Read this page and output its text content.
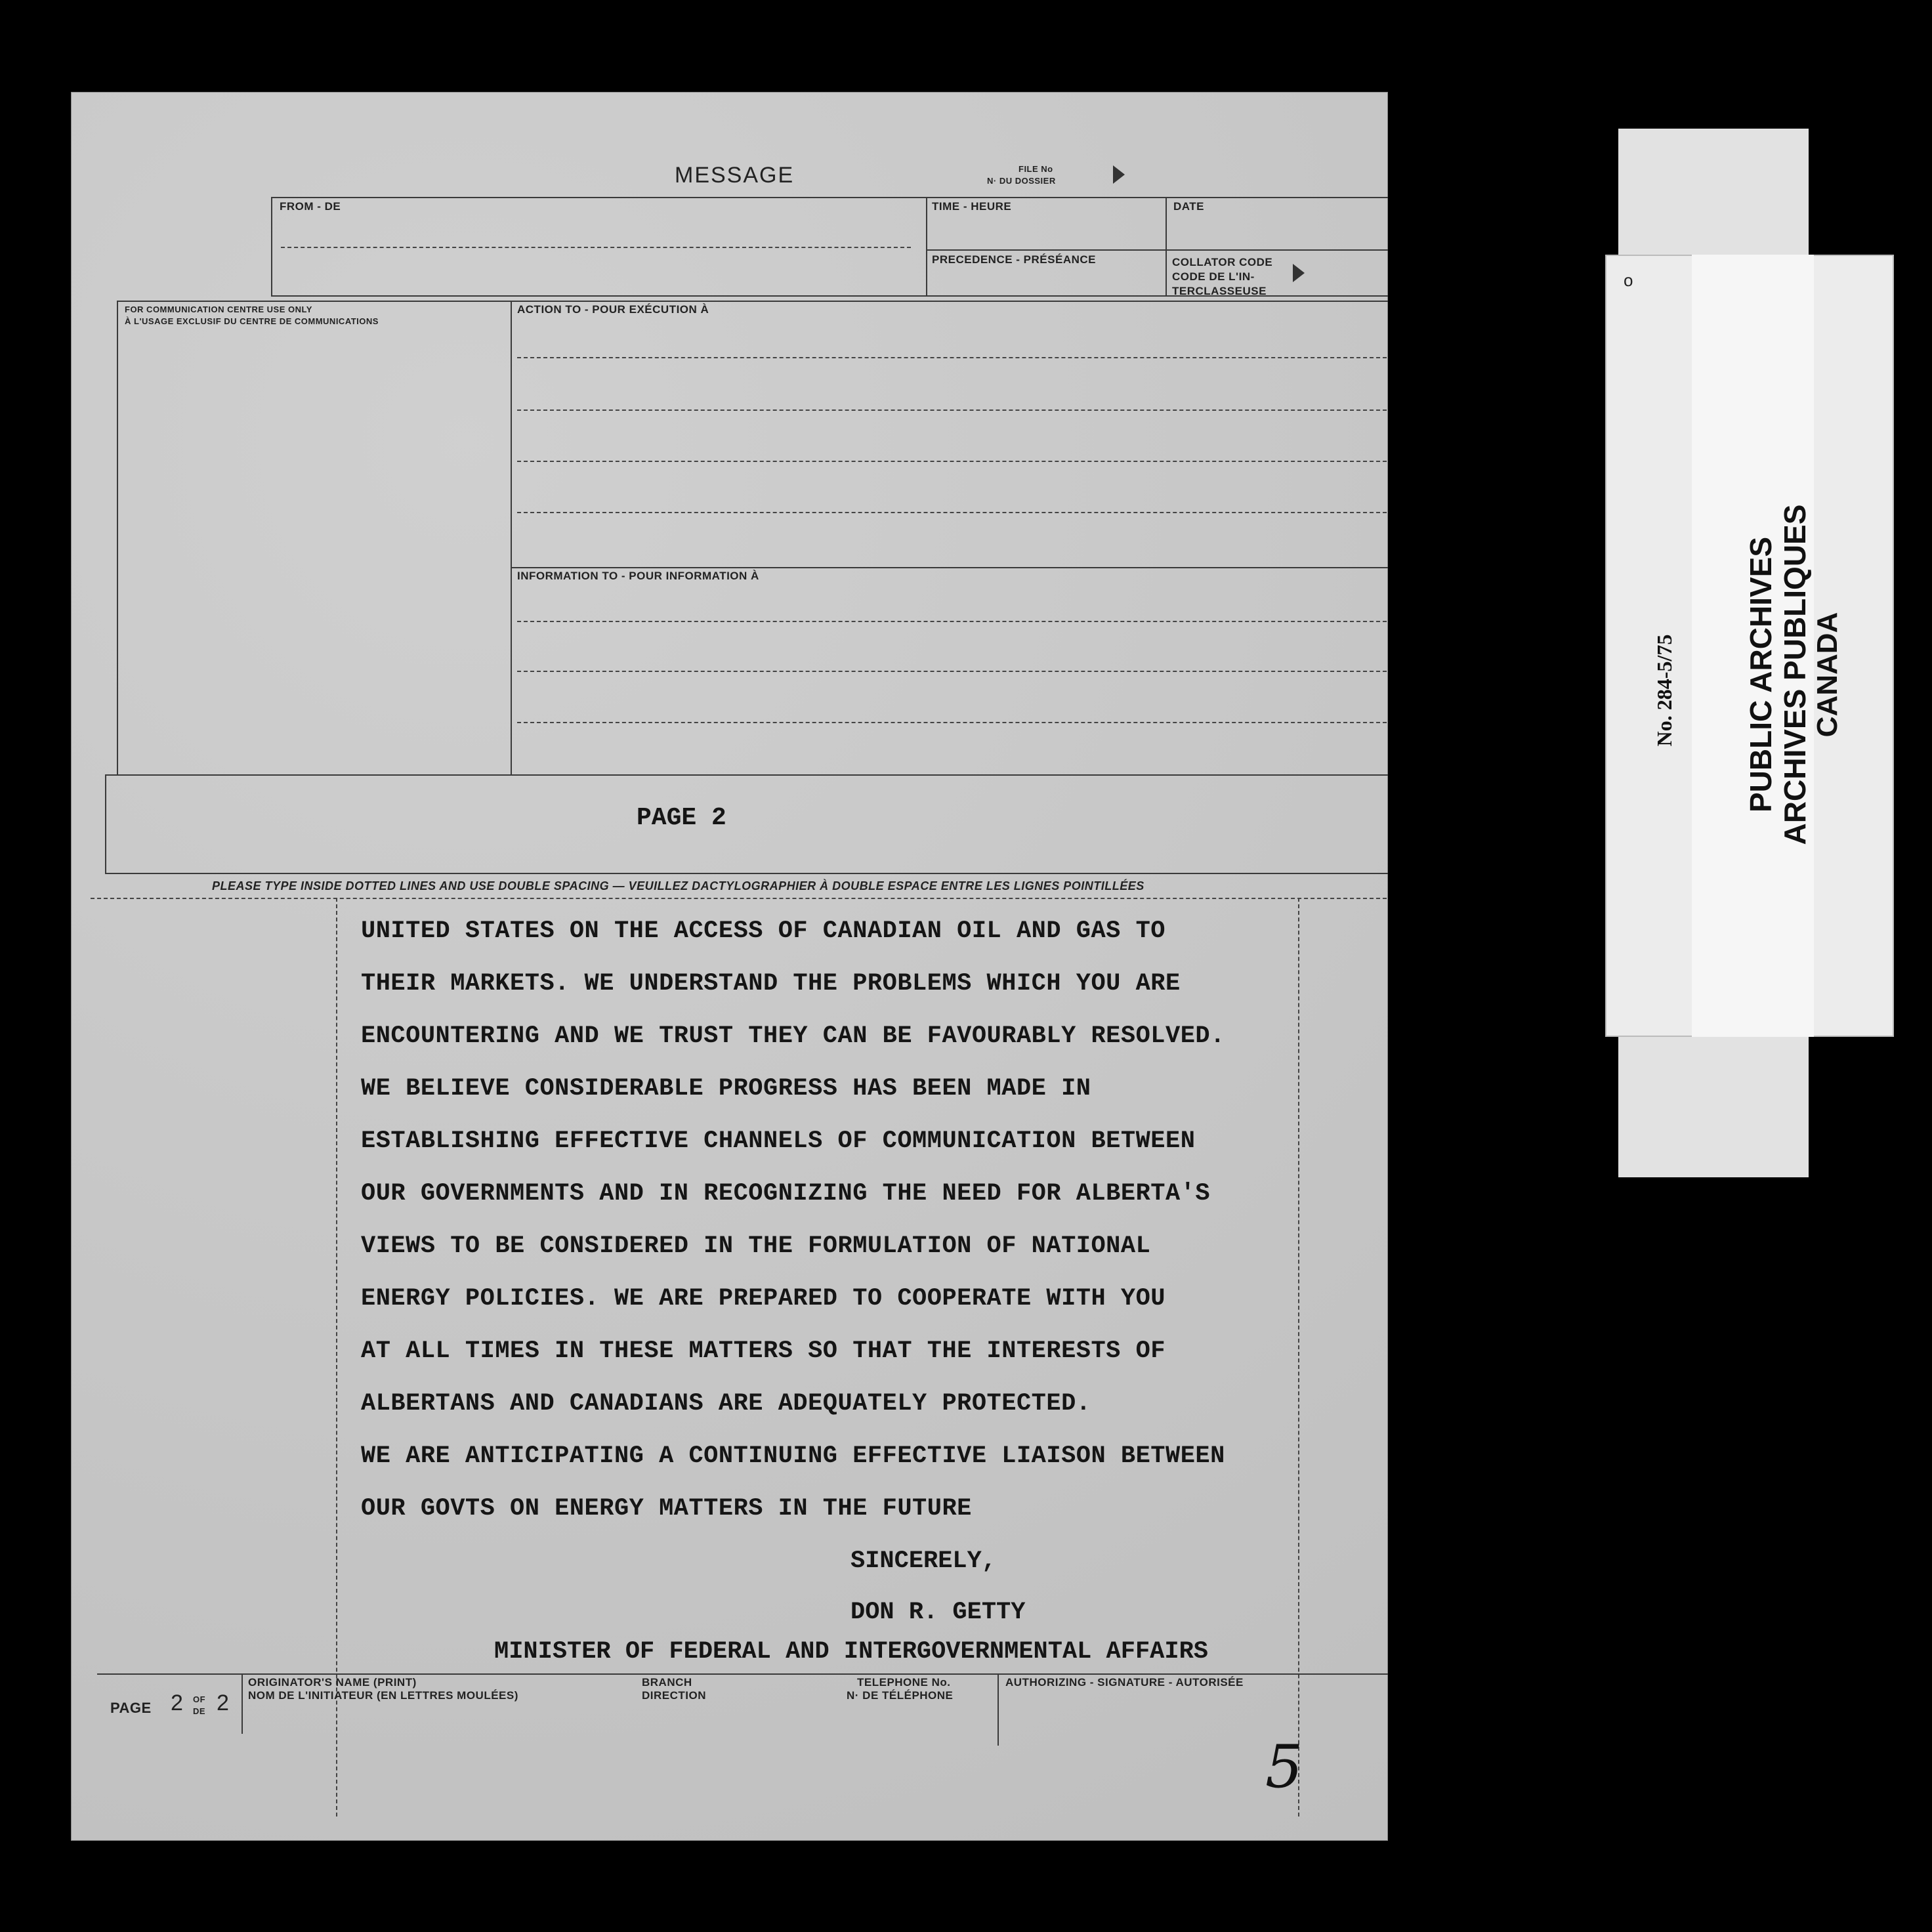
MESSAGE	FILE No
N· DU DOSSIER
FROM - DE	TIME - HEURE	DATE
PRECEDENCE - PRÉSÉANCE	COLLATOR CODE
CODE DE L'IN-
TERCLASSEUSE
FOR COMMUNICATION CENTRE USE ONLY
À L'USAGE EXCLUSIF DU CENTRE DE COMMUNICATIONS
ACTION TO - POUR EXÉCUTION À
INFORMATION TO - POUR INFORMATION À
PAGE 2
PLEASE TYPE INSIDE DOTTED LINES AND USE DOUBLE SPACING — VEUILLEZ DACTYLOGRAPHIER À DOUBLE ESPACE ENTRE LES LIGNES POINTILLÉES
UNITED STATES ON THE ACCESS OF CANADIAN OIL AND GAS TO
THEIR MARKETS. WE UNDERSTAND THE PROBLEMS WHICH YOU ARE
ENCOUNTERING AND WE TRUST THEY CAN BE FAVOURABLY RESOLVED.
WE BELIEVE CONSIDERABLE PROGRESS HAS BEEN MADE IN
ESTABLISHING EFFECTIVE CHANNELS OF COMMUNICATION BETWEEN
OUR GOVERNMENTS AND IN RECOGNIZING THE NEED FOR ALBERTA'S
VIEWS TO BE CONSIDERED IN THE FORMULATION OF NATIONAL
ENERGY POLICIES. WE ARE PREPARED TO COOPERATE WITH YOU
AT ALL TIMES IN THESE MATTERS SO THAT THE INTERESTS OF
ALBERTANS AND CANADIANS ARE ADEQUATELY PROTECTED.
WE ARE ANTICIPATING A CONTINUING EFFECTIVE LIAISON BETWEEN
OUR GOVTS ON ENERGY MATTERS IN THE FUTURE
SINCERELY,
DON R. GETTY
MINISTER OF FEDERAL AND INTERGOVERNMENTAL AFFAIRS
PAGE 2 OF
DE 2
ORIGINATOR'S NAME (PRINT)
NOM DE L'INITIATEUR (EN LETTRES MOULÉES)
BRANCH
DIRECTION
TELEPHONE No.
N· DE TÉLÉPHONE
AUTHORIZING - SIGNATURE - AUTORISÉE
5
o
No. 284-5/75 PUBLIC ARCHIVES ARCHIVES PUBLIQUES CANADA
